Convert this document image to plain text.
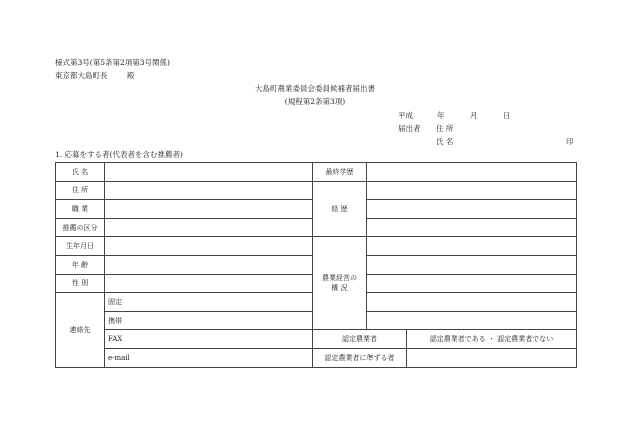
様式第3号(第5条第2項第3号関係)
東京都大島町長	殿
大島町農業委員会委員候補者届出書
(規程第2条第3項)
平成	年	月	日
届出者 住 所
氏 名	印
1. 応募をする者(代表者を含む推薦者)
氏 名		最終学歴		
住 所		経 歴		
職 業				
推薦の区分				
生年月日		農業経営の
概 況		
年 齢				
性 別				
連絡先	固定			
	携帯			
	FAX	認定農業者		認定農業者である ・ 認定農業者でない
	e-mail	認定農業者に準ずる者		
